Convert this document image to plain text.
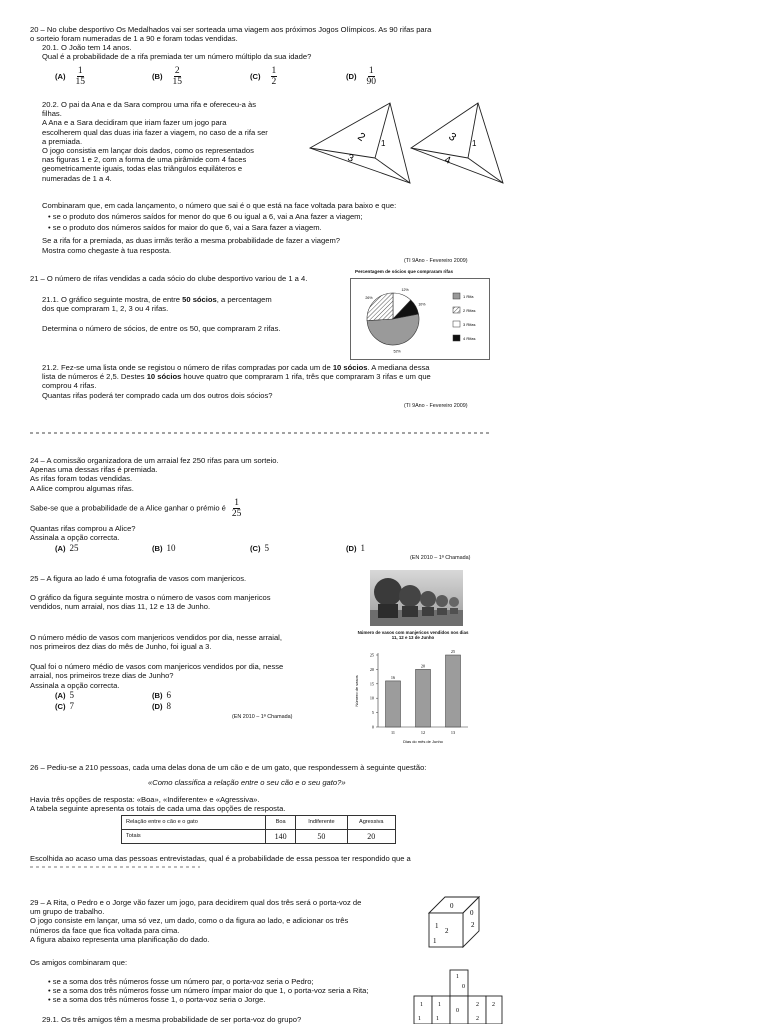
20 – No clube desportivo Os Medalhados vai ser sorteada uma viagem aos próximos Jogos Olímpicos. As 90 rifas para
o sorteio foram numeradas de 1 a 90 e foram todas vendidas.
20.1. O João tem 14 anos.
Qual é a probabilidade de a rifa premiada ter um número múltiplo da sua idade?
$(A) \frac{1}{15}$	$(B) \frac{2}{15}$	$(C) \frac{1}{2}$	$(D) \frac{1}{90}$
20.2. O pai da Ana e da Sara comprou uma rifa e ofereceu-a às
filhas.
A Ana e a Sara decidiram que iriam fazer um jogo para
escolherem qual das duas iria fazer a viagem, no caso de a rifa ser
a premiada.
O jogo consistia em lançar dois dados, como os representados
nas figuras 1 e 2, com a forma de uma pirâmide com 4 faces
geometricamente iguais, todas elas triângulos equiláteros e
numeradas de 1 a 4.
2 1
3
3 1
4
Combinaram que, em cada lançamento, o número que sai é o que está na face voltada para baixo e que:
• se o produto dos números saídos for menor do que 6 ou igual a 6, vai a Ana fazer a viagem;
• se o produto dos números saídos for maior do que 6, vai a Sara fazer a viagem.
Se a rifa for a premiada, as duas irmãs terão a mesma probabilidade de fazer a viagem?
Mostra como chegaste à tua resposta.
(TI 9Ano - Fevereiro 2009)
21 – O número de rifas vendidas a cada sócio do clube desportivo variou de 1 a 4.
21.1. O gráfico seguinte mostra, de entre 50 sócios, a percentagem
dos que compraram 1, 2, 3 ou 4 rifas.
Determina o número de sócios, de entre os 50, que compraram 2 rifas.
Percentagem de sócios que compraram rifas
52%
26%
12%
10%
1 Rifa
2 Rifas
3 Rifas
4 Rifas
21.2. Fez-se uma lista onde se registou o número de rifas compradas por cada um de 10 sócios. A mediana dessa
lista de números é 2,5. Destes 10 sócios houve quatro que compraram 1 rifa, três que compraram 3 rifas e um que
comprou 4 rifas.
Quantas rifas poderá ter comprado cada um dos outros dois sócios?
(TI 9Ano - Fevereiro 2009)
24 – A comissão organizadora de um arraial fez 250 rifas para um sorteio.
Apenas uma dessas rifas é premiada.
As rifas foram todas vendidas.
A Alice comprou algumas rifas.
Sabe-se que a probabilidade de a Alice ganhar o prémio é $\frac{1}{25}$
Quantas rifas comprou a Alice?
Assinala a opção correcta.
(A) 25	(B) 10	(C) 5	(D) 1
(EN 2010 – 1ª Chamada)
25 – A figura ao lado é uma fotografia de vasos com manjericos.
O gráfico da figura seguinte mostra o número de vasos com manjericos
vendidos, num arraial, nos dias 11, 12 e 13 de Junho.
O número médio de vasos com manjericos vendidos por dia, nesse arraial,
nos primeiros dez dias do mês de Junho, foi igual a 3.
Qual foi o número médio de vasos com manjericos vendidos por dia, nesse
arraial, nos primeiros treze dias de Junho?
Assinala a opção correcta.
(A) 5	(B) 6
(C) 7	(D) 8
(EN 2010 – 1ª Chamada)
Número de vasos com manjericos vendidos nos dias 11, 12 e 13 de Junho
0
5
10
15
20
25
16
11
20
12
25
13
Dias do mês de Junho
Número de vasos
26 – Pediu-se a 210 pessoas, cada uma delas dona de um cão e de um gato, que respondessem à seguinte questão:
«Como classifica a relação entre o seu cão e o seu gato?»
Havia três opções de resposta: «Boa», «Indiferente» e «Agressiva».
A tabela seguinte apresenta os totais de cada uma das opções de resposta.
Relação entre o cão e o gato	Boa	Indiferente	Agressiva
Totais	140	50	20
Escolhida ao acaso uma das pessoas entrevistadas, qual é a probabilidade de essa pessoa ter respondido que a
29 – A Rita, o Pedro e o Jorge vão fazer um jogo, para decidirem qual dos três será o porta-voz de
um grupo de trabalho.
O jogo consiste em lançar, uma só vez, um dado, como o da figura ao lado, e adicionar os três
números da face que fica voltada para cima.
A figura abaixo representa uma planificação do dado.
Os amigos combinaram que:
• se a soma dos três números fosse um número par, o porta-voz seria o Pedro;
• se a soma dos três números fosse um número ímpar maior do que 1, o porta-voz seria a Rita;
• se a soma dos três números fosse 1, o porta-voz seria o Jorge.
29.1. Os três amigos têm a mesma probabilidade de ser porta-voz do grupo?
0
1
2
1
0
2
1
0
1	1
0
2 2
1	1	2
